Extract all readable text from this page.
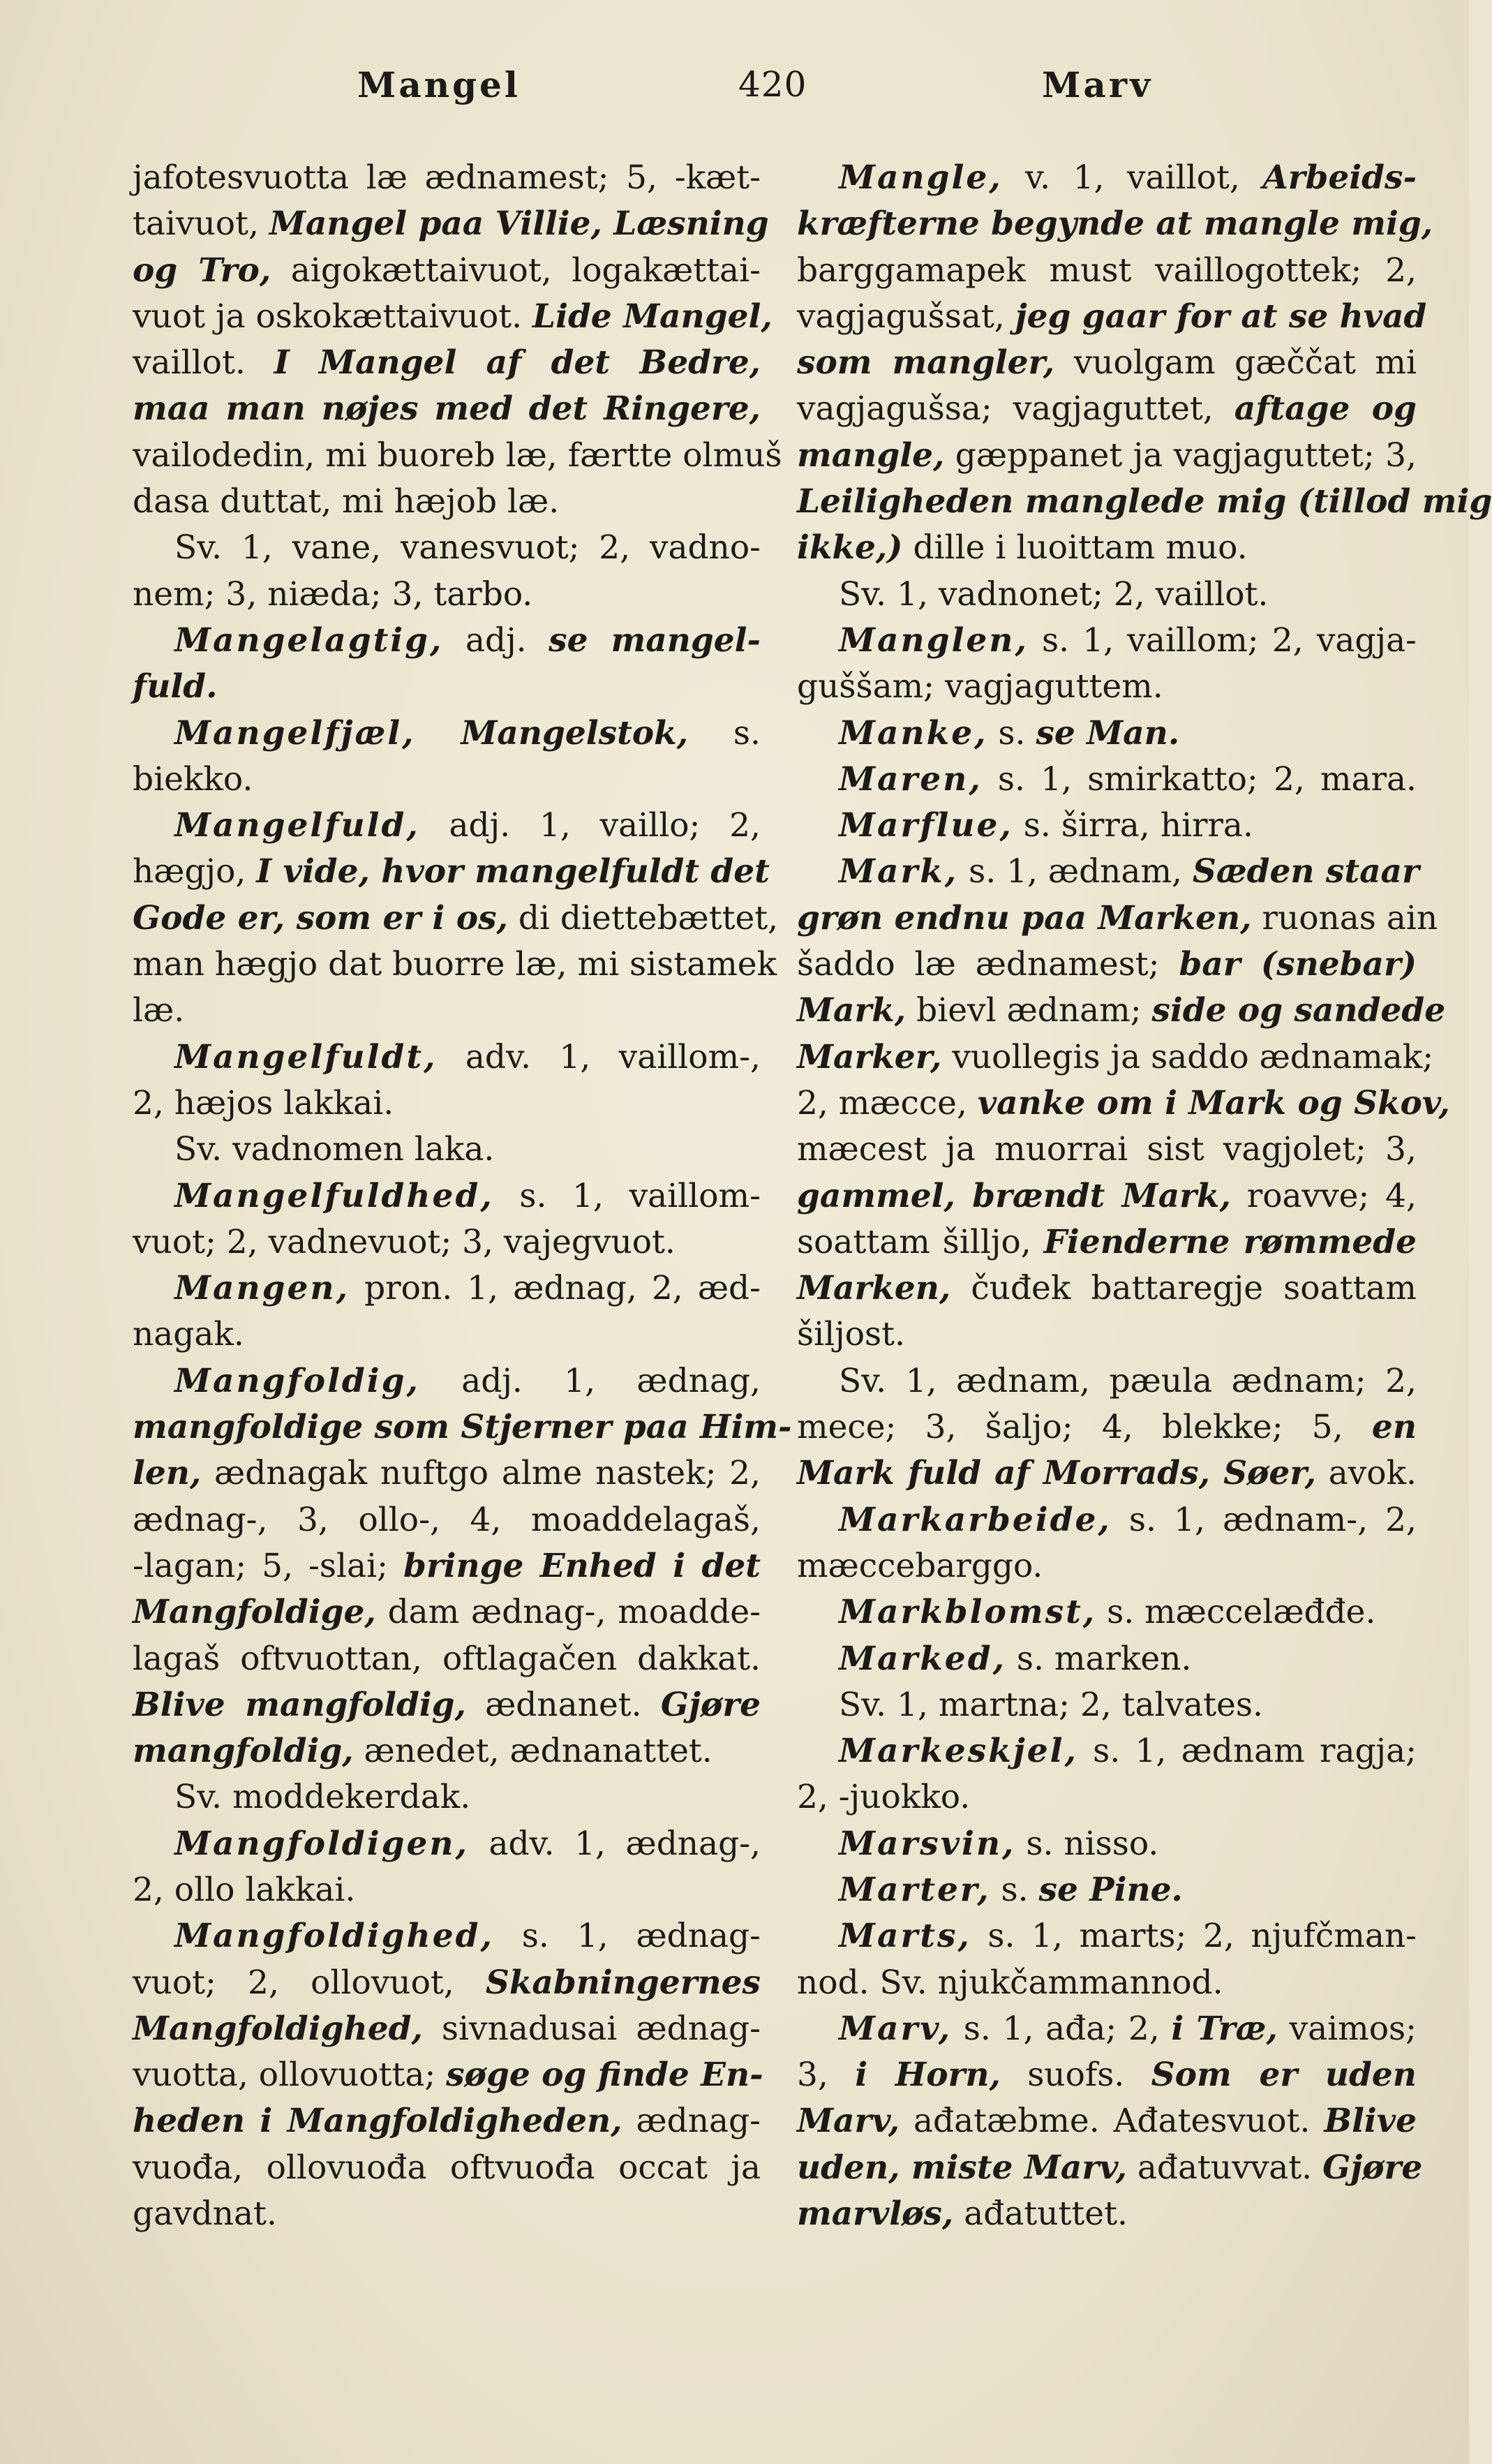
Mangel	420	Marv
jafotesvuotta læ ædnamest; 5, -kæt-
taivuot, Mangel paa Villie, Læsning
og Tro, aigokættaivuot, logakættai-
vuot ja oskokættaivuot. Lide Mangel,
vaillot. I Mangel af det Bedre,
maa man nøjes med det Ringere,
vailodedin, mi buoreb læ, færtte olmuš
dasa duttat, mi hæjob læ.
Sv. 1, vane, vanesvuot; 2, vadno-
nem; 3, niæda; 3, tarbo.
Mangelagtig, adj. se mangel-
fuld.
Mangelfjæl, Mangelstok, s.
biekko.
Mangelfuld, adj. 1, vaillo; 2,
hægjo, I vide, hvor mangelfuldt det
Gode er, som er i os, di diettebættet,
man hægjo dat buorre læ, mi sistamek
læ.
Mangelfuldt, adv. 1, vaillom-,
2, hæjos lakkai.
Sv. vadnomen laka.
Mangelfuldhed, s. 1, vaillom-
vuot; 2, vadnevuot; 3, vajegvuot.
Mangen, pron. 1, ædnag, 2, æd-
nagak.
Mangfoldig, adj. 1, ædnag,
mangfoldige som Stjerner paa Him-
len, ædnagak nuftgo alme nastek; 2,
ædnag-, 3, ollo-, 4, moaddelagaš,
-lagan; 5, -slai; bringe Enhed i det
Mangfoldige, dam ædnag-, moadde-
lagaš oftvuottan, oftlagačen dakkat.
Blive mangfoldig, ædnanet. Gjøre
mangfoldig, ænedet, ædnanattet.
Sv. moddekerdak.
Mangfoldigen, adv. 1, ædnag-,
2, ollo lakkai.
Mangfoldighed, s. 1, ædnag-
vuot; 2, ollovuot, Skabningernes
Mangfoldighed, sivnadusai ædnag-
vuotta, ollovuotta; søge og finde En-
heden i Mangfoldigheden, ædnag-
vuođa, ollovuođa oftvuođa occat ja
gavdnat.
Mangle, v. 1, vaillot, Arbeids-
kræfterne begynde at mangle mig,
barggamapek must vaillogottek; 2,
vagjagušsat, jeg gaar for at se hvad
som mangler, vuolgam gæččat mi
vagjagušsa; vagjaguttet, aftage og
mangle, gæppanet ja vagjaguttet; 3,
Leiligheden manglede mig (tillod mig
ikke,) dille i luoittam muo.
Sv. 1, vadnonet; 2, vaillot.
Manglen, s. 1, vaillom; 2, vagja-
guššam; vagjaguttem.
Manke, s. se Man.
Maren, s. 1, smirkatto; 2, mara.
Marflue, s. širra, hirra.
Mark, s. 1, ædnam, Sæden staar
grøn endnu paa Marken, ruonas ain
šaddo læ ædnamest; bar (snebar)
Mark, bievl ædnam; side og sandede
Marker, vuollegis ja saddo ædnamak;
2, mæcce, vanke om i Mark og Skov,
mæcest ja muorrai sist vagjolet; 3,
gammel, brændt Mark, roavve; 4,
soattam šilljo, Fienderne rømmede
Marken, čuđek battaregje soattam
šiljost.
Sv. 1, ædnam, pæula ædnam; 2,
mece; 3, šaljo; 4, blekke; 5, en
Mark fuld af Morrads, Søer, avok.
Markarbeide, s. 1, ædnam-, 2,
mæccebarggo.
Markblomst, s. mæccelæđđe.
Marked, s. marken.
Sv. 1, martna; 2, talvates.
Markeskjel, s. 1, ædnam ragja;
2, -juokko.
Marsvin, s. nisso.
Marter, s. se Pine.
Marts, s. 1, marts; 2, njufčman-
nod. Sv. njukčammannod.
Marv, s. 1, ađa; 2, i Træ, vaimos;
3, i Horn, suofs. Som er uden
Marv, ađatæbme. Ađatesvuot. Blive
uden, miste Marv, ađatuvvat. Gjøre
marvløs, ađatuttet.
